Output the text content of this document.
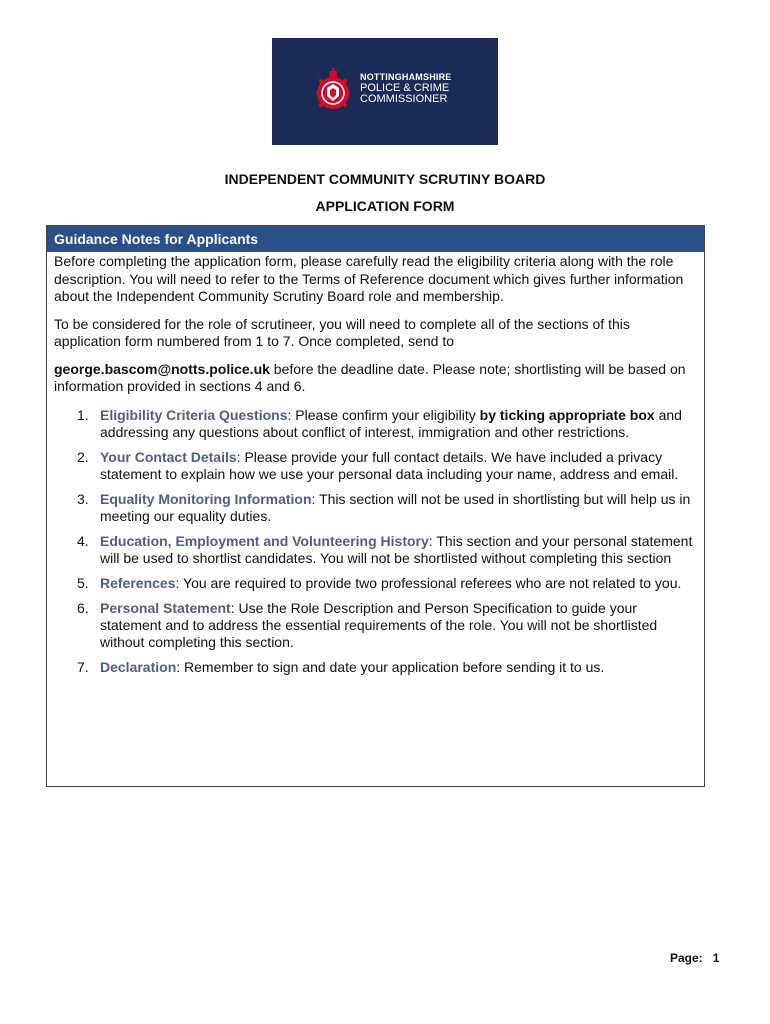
NOTTINGHAMSHIRE
POLICE & CRIME
COMMISSIONER
INDEPENDENT COMMUNITY SCRUTINY BOARD
APPLICATION FORM
Guidance Notes for Applicants

Before completing the application form, please carefully read the eligibility criteria along with the role description. You will need to refer to the Terms of Reference document which gives further information about the Independent Community Scrutiny Board role and membership.

To be considered for the role of scrutineer, you will need to complete all of the sections of this application form numbered from 1 to 7. Once completed, send to

george.bascom@notts.police.uk before the deadline date. Please note; shortlisting will be based on information provided in sections 4 and 6.

1. Eligibility Criteria Questions: Please confirm your eligibility by ticking appropriate box and addressing any questions about conflict of interest, immigration and other restrictions.
2. Your Contact Details: Please provide your full contact details. We have included a privacy statement to explain how we use your personal data including your name, address and email.
3. Equality Monitoring Information: This section will not be used in shortlisting but will help us in meeting our equality duties.
4. Education, Employment and Volunteering History: This section and your personal statement will be used to shortlist candidates. You will not be shortlisted without completing this section
5. References: You are required to provide two professional referees who are not related to you.
6. Personal Statement: Use the Role Description and Person Specification to guide your statement and to address the essential requirements of the role. You will not be shortlisted without completing this section.
7. Declaration: Remember to sign and date your application before sending it to us.
Page: 1
